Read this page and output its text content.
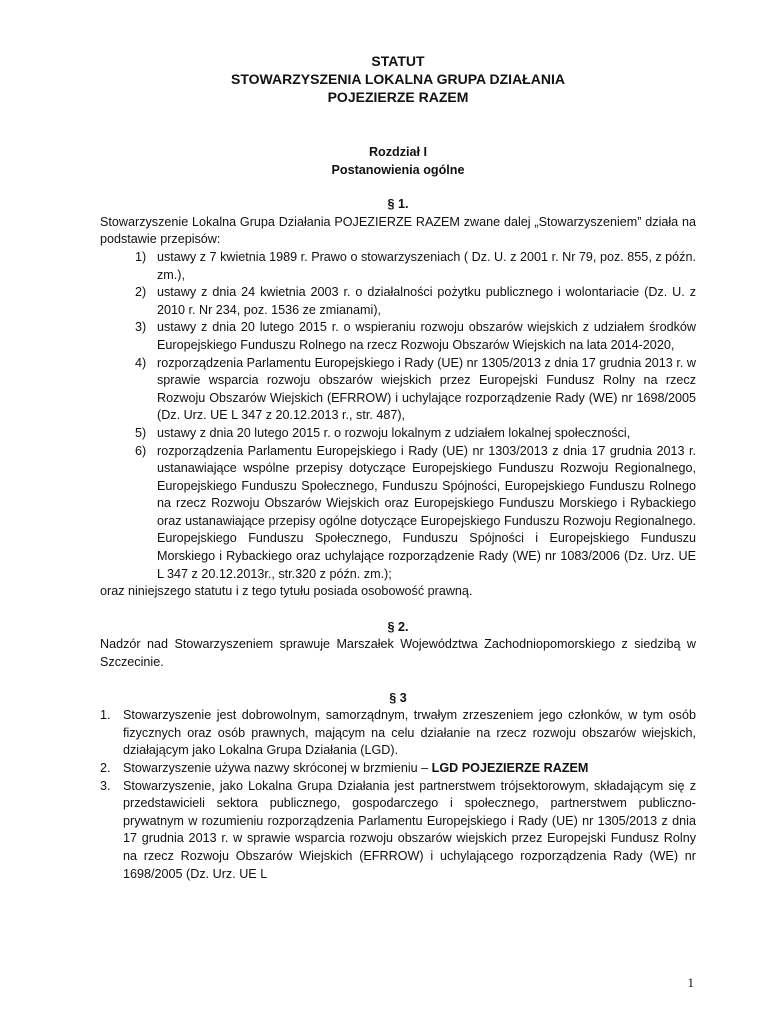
STATUT

STOWARZYSZENIA LOKALNA GRUPA DZIAŁANIA

POJEZIERZE RAZEM

Rozdział I

Postanowienia ogólne

§ 1.

Stowarzyszenie Lokalna Grupa Działania POJEZIERZE RAZEM zwane dalej „Stowarzyszeniem” działa na podstawie przepisów:

1) ustawy z 7 kwietnia 1989 r. Prawo o stowarzyszeniach ( Dz. U. z 2001 r. Nr 79, poz. 855, z późn. zm.),
2) ustawy z dnia 24 kwietnia 2003 r. o działalności pożytku publicznego i wolontariacie (Dz. U. z 2010 r. Nr 234, poz. 1536 ze zmianami),
3) ustawy z dnia 20 lutego 2015 r. o wspieraniu rozwoju obszarów wiejskich z udziałem środków Europejskiego Funduszu Rolnego na rzecz Rozwoju Obszarów Wiejskich na lata 2014-2020,
4) rozporządzenia Parlamentu Europejskiego i Rady (UE) nr 1305/2013 z dnia 17 grudnia 2013 r. w sprawie wsparcia rozwoju obszarów wiejskich przez Europejski Fundusz Rolny na rzecz Rozwoju Obszarów Wiejskich (EFRROW) i uchylające rozporządzenie Rady (WE) nr 1698/2005 (Dz. Urz. UE L 347 z 20.12.2013 r., str. 487),
5) ustawy z dnia 20 lutego 2015 r. o rozwoju lokalnym z udziałem lokalnej społeczności,
6) rozporządzenia Parlamentu Europejskiego i Rady (UE) nr 1303/2013 z dnia 17 grudnia 2013 r. ustanawiające wspólne przepisy dotyczące Europejskiego Funduszu Rozwoju Regionalnego, Europejskiego Funduszu Społecznego, Funduszu Spójności, Europejskiego Funduszu Rolnego na rzecz Rozwoju Obszarów Wiejskich oraz Europejskiego Funduszu Morskiego i Rybackiego oraz ustanawiające przepisy ogólne dotyczące Europejskiego Funduszu Rozwoju Regionalnego. Europejskiego Funduszu Społecznego, Funduszu Spójności i Europejskiego Funduszu Morskiego i Rybackiego oraz uchylające rozporządzenie Rady (WE) nr 1083/2006 (Dz. Urz. UE L 347 z 20.12.2013r., str.320 z późn. zm.);

oraz niniejszego statutu i z tego tytułu posiada osobowość prawną.

§ 2.

Nadzór nad Stowarzyszeniem sprawuje Marszałek Województwa Zachodniopomorskiego z siedzibą w Szczecinie.

§ 3

1. Stowarzyszenie jest dobrowolnym, samorządnym, trwałym zrzeszeniem jego członków, w tym osób fizycznych oraz osób prawnych, mającym na celu działanie na rzecz rozwoju obszarów wiejskich, działającym jako Lokalna Grupa Działania (LGD).
2. Stowarzyszenie używa nazwy skróconej w brzmieniu – LGD POJEZIERZE RAZEM
3. Stowarzyszenie, jako Lokalna Grupa Działania jest partnerstwem trójsektorowym, składającym się z przedstawicieli sektora publicznego, gospodarczego i społecznego, partnerstwem publiczno-prywatnym w rozumieniu rozporządzenia Parlamentu Europejskiego i Rady (UE) nr 1305/2013 z dnia 17 grudnia 2013 r. w sprawie wsparcia rozwoju obszarów wiejskich przez Europejski Fundusz Rolny na rzecz Rozwoju Obszarów Wiejskich (EFRROW) i uchylającego rozporządzenia Rady (WE) nr 1698/2005 (Dz. Urz. UE L
1
